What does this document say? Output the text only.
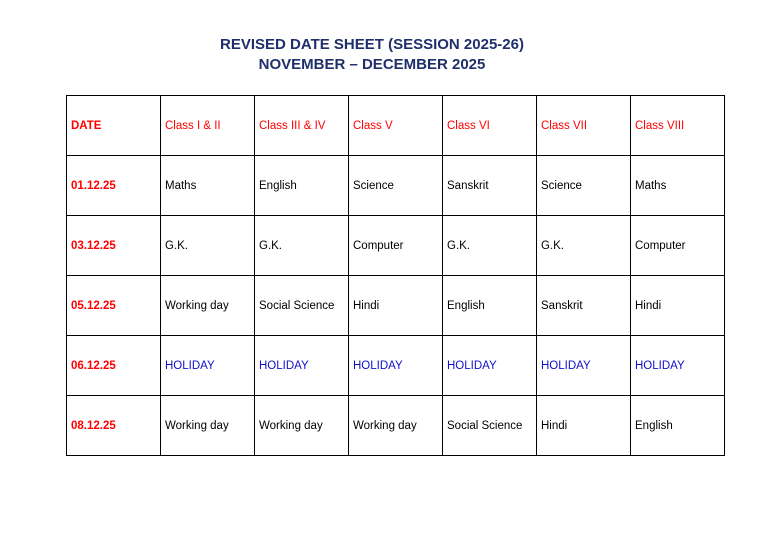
REVISED DATE SHEET (SESSION 2025-26)
NOVEMBER – DECEMBER 2025
DATE	Class I & II	Class III & IV	Class V	Class VI	Class VII	Class VIII
01.12.25	Maths	English	Science	Sanskrit	Science	Maths
03.12.25	G.K.	G.K.	Computer	G.K.	G.K.	Computer
05.12.25	Working day	Social Science	Hindi	English	Sanskrit	Hindi
06.12.25	HOLIDAY	HOLIDAY	HOLIDAY	HOLIDAY	HOLIDAY	HOLIDAY
08.12.25	Working day	Working day	Working day	Social Science	Hindi	English
